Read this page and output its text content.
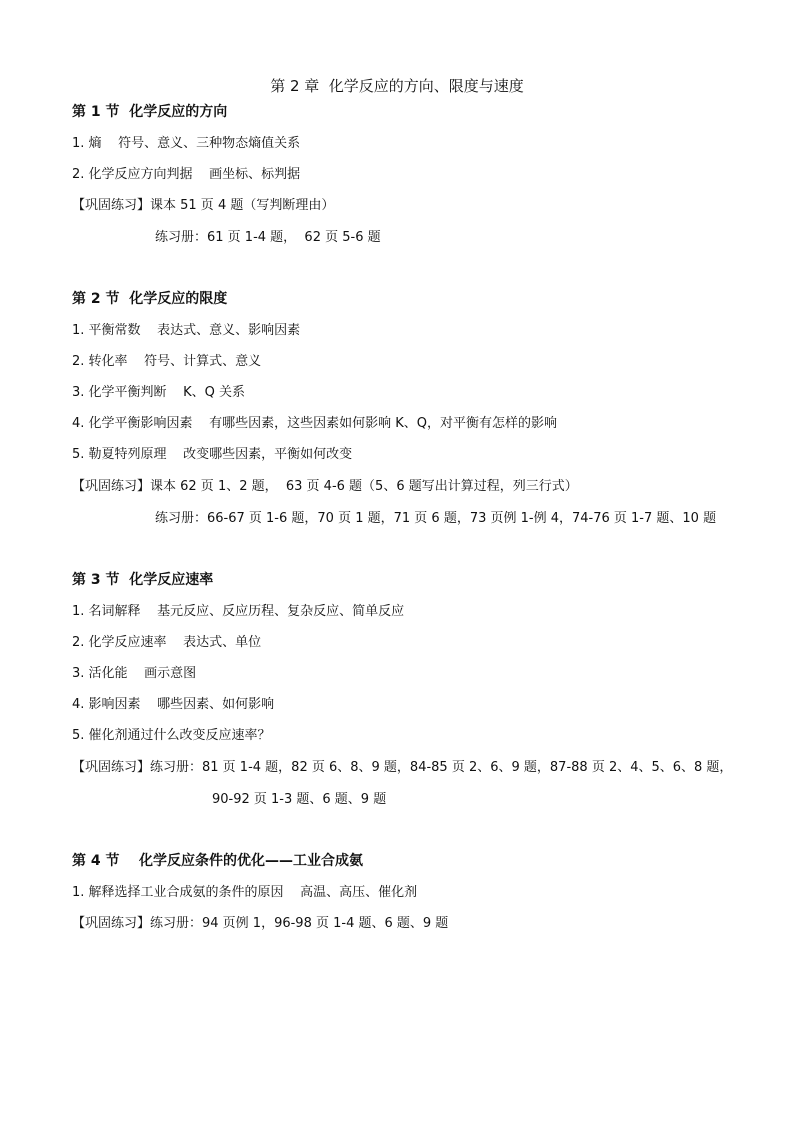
第 2 章  化学反应的方向、限度与速度
第 1 节  化学反应的方向
1. 熵    符号、意义、三种物态熵值关系
2. 化学反应方向判据    画坐标、标判据
【巩固练习】课本 51 页 4 题（写判断理由）
练习册：61 页 1-4 题，  62 页 5-6 题
第 2 节  化学反应的限度
1. 平衡常数    表达式、意义、影响因素
2. 转化率    符号、计算式、意义
3. 化学平衡判断    K、Q 关系
4. 化学平衡影响因素    有哪些因素，这些因素如何影响 K、Q，对平衡有怎样的影响
5. 勒夏特列原理    改变哪些因素，平衡如何改变
【巩固练习】课本 62 页 1、2 题，  63 页 4-6 题（5、6 题写出计算过程，列三行式）
练习册：66-67 页 1-6 题，70 页 1 题，71 页 6 题，73 页例 1-例 4，74-76 页 1-7 题、10 题
第 3 节  化学反应速率
1. 名词解释    基元反应、反应历程、复杂反应、简单反应
2. 化学反应速率    表达式、单位
3. 活化能    画示意图
4. 影响因素    哪些因素、如何影响
5. 催化剂通过什么改变反应速率？
【巩固练习】练习册：81 页 1-4 题，82 页 6、8、9 题，84-85 页 2、6、9 题，87-88 页 2、4、5、6、8 题，
90-92 页 1-3 题、6 题、9 题
第 4 节    化学反应条件的优化——工业合成氨
1. 解释选择工业合成氨的条件的原因    高温、高压、催化剂
【巩固练习】练习册：94 页例 1，96-98 页 1-4 题、6 题、9 题
